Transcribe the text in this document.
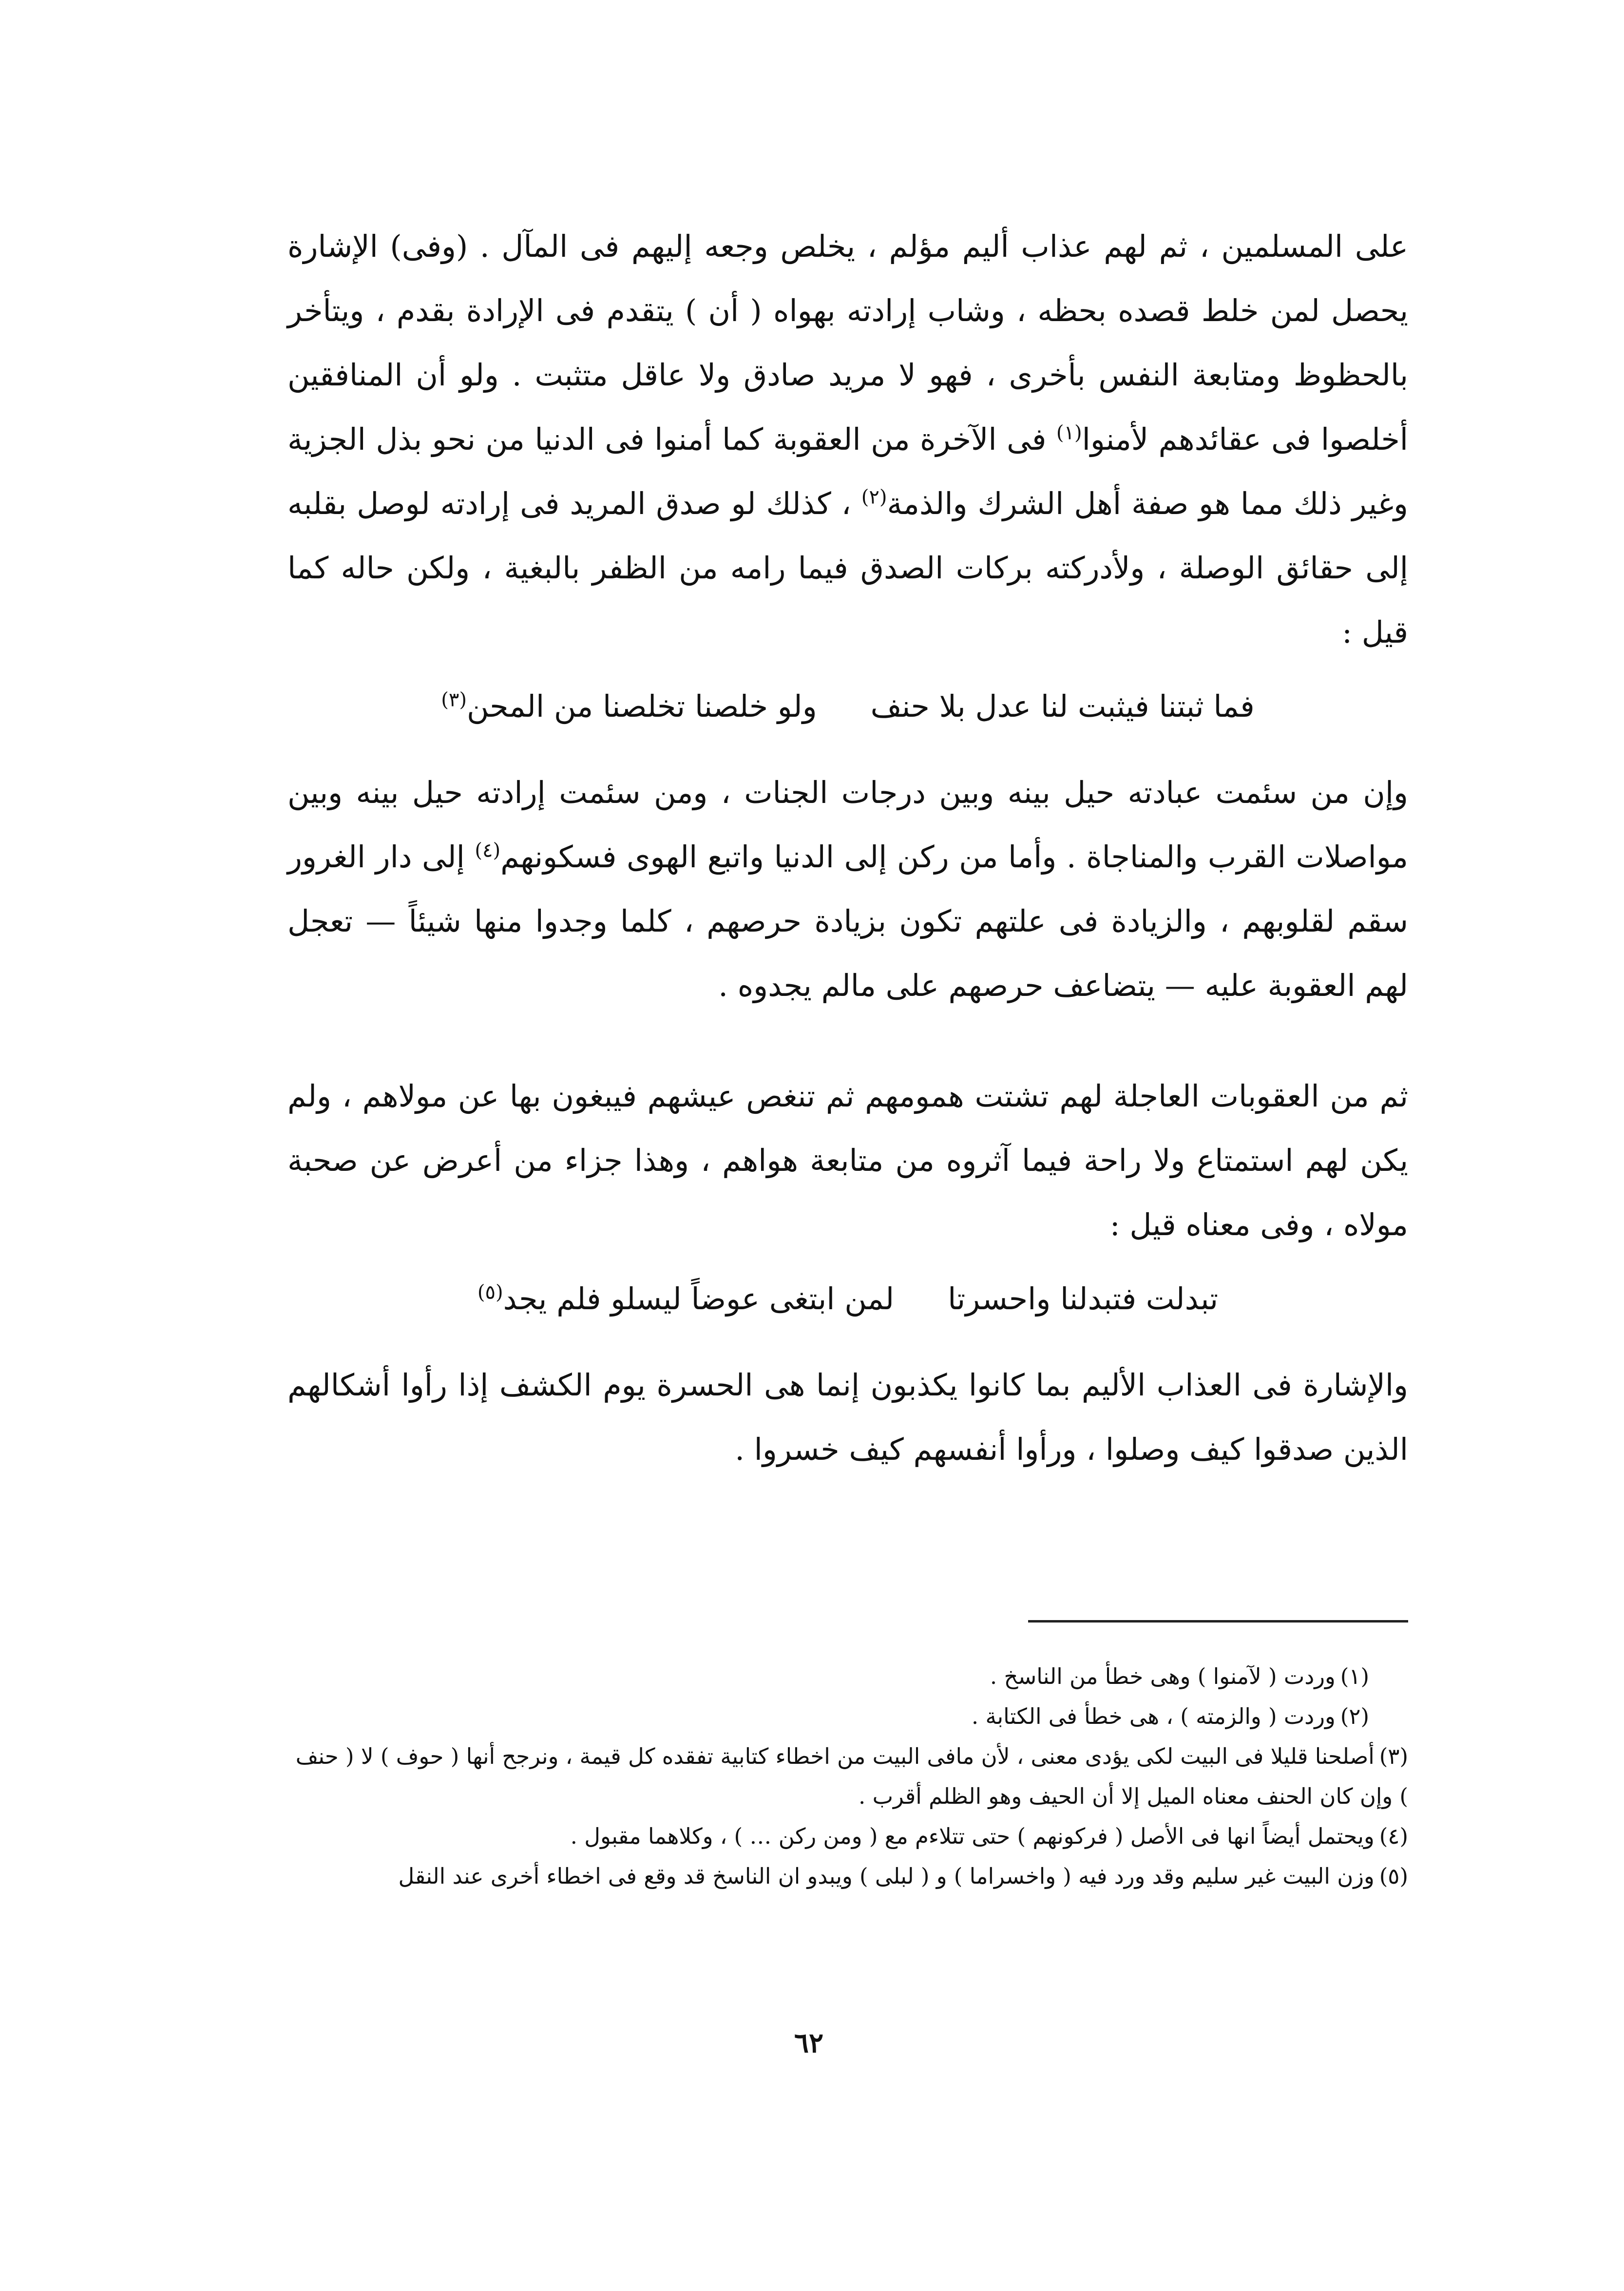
على المسلمين ، ثم لهم عذاب أليم مؤلم ، يخلص وجعه إليهم فى المآل . (وفى) الإشارة يحصل لمن خلط قصده بحظه ، وشاب إرادته بهواه ( أن ) يتقدم فى الإرادة بقدم ، ويتأخر بالحظوظ ومتابعة النفس بأخرى ، فهو لا مريد صادق ولا عاقل متثبت . ولو أن المنافقين أخلصوا فى عقائدهم لأمنوا$^{(١)}$ فى الآخرة من العقوبة كما أمنوا فى الدنيا من نحو بذل الجزية وغير ذلك مما هو صفة أهل الشرك والذمة$^{(٢)}$ ، كذلك لو صدق المريد فى إرادته لوصل بقلبه إلى حقائق الوصلة ، ولأدركته بركات الصدق فيما رامه من الظفر بالبغية ، ولكن حاله كما قيل :

فما ثبتنا فيثبت لنا عدل بلا حنفولو خلصنا تخلصنا من المحن$^{(٣)}$

وإن من سئمت عبادته حيل بينه وبين درجات الجنات ، ومن سئمت إرادته حيل بينه وبين مواصلات القرب والمناجاة . وأما من ركن إلى الدنيا واتبع الهوى فسكونهم$^{(٤)}$ إلى دار الغرور سقم لقلوبهم ، والزيادة فى علتهم تكون بزيادة حرصهم ، كلما وجدوا منها شيئاً — تعجل لهم العقوبة عليه — يتضاعف حرصهم على مالم يجدوه .

ثم من العقوبات العاجلة لهم تشتت همومهم ثم تنغص عيشهم فيبغون بها عن مولاهم ، ولم يكن لهم استمتاع ولا راحة فيما آثروه من متابعة هواهم ، وهذا جزاء من أعرض عن صحبة مولاه ، وفى معناه قيل :

تبدلت فتبدلنا واحسرتالمن ابتغى عوضاً ليسلو فلم يجد$^{(٥)}$

والإشارة فى العذاب الأليم بما كانوا يكذبون إنما هى الحسرة يوم الكشف إذا رأوا أشكالهم الذين صدقوا كيف وصلوا ، ورأوا أنفسهم كيف خسروا .

(١)وردت ( لآمنوا ) وهى خطأ من الناسخ .

(٢)وردت ( والزمته ) ، هى خطأ فى الكتابة .

(٣)أصلحنا قليلا فى البيت لكى يؤدى معنى ، لأن مافى البيت من اخطاء كتابية تفقده كل قيمة ، ونرجح أنها ( حوف ) لا ( حنف ) وإن كان الحنف معناه الميل إلا أن الحيف وهو الظلم أقرب .

(٤)ويحتمل أيضاً انها فى الأصل ( فركونهم ) حتى تتلاءم مع ( ومن ركن … ) ، وكلاهما مقبول .

(٥)وزن البيت غير سليم وقد ورد فيه ( واخسراما ) و ( لبلى ) ويبدو ان الناسخ قد وقع فى اخطاء أخرى عند النقل

٦٢
